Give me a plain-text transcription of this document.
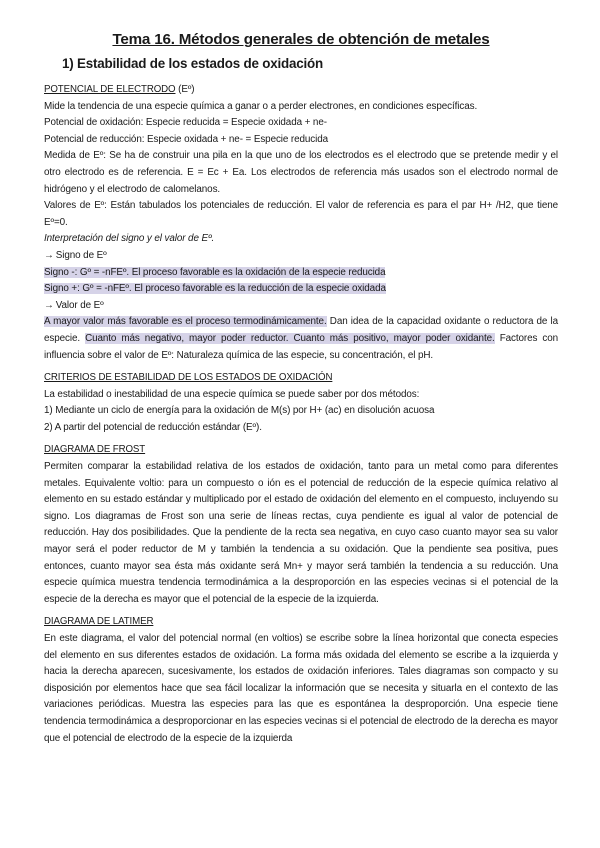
Tema 16. Métodos generales de obtención de metales
1) Estabilidad de los estados de oxidación
POTENCIAL DE ELECTRODO (Eº)

Mide la tendencia de una especie química a ganar o a perder electrones, en condiciones específicas.

Potencial de oxidación: Especie reducida = Especie oxidada + ne-

Potencial de reducción: Especie oxidada + ne- = Especie reducida

Medida de Eº: Se ha de construir una pila en la que uno de los electrodos es el electrodo que se pretende medir y el otro electrodo es de referencia. E = Ec + Ea. Los electrodos de referencia más usados son el electrodo normal de hidrógeno y el electrodo de calomelanos.

Valores de Eº: Están tabulados los potenciales de reducción. El valor de referencia es para el par H+ /H2, que tiene Eº=0.

Interpretación del signo y el valor de Eº.

→ Signo de Eº

Signo -: Gº = -nFEº. El proceso favorable es la oxidación de la especie reducida

Signo +: Gº = -nFEº. El proceso favorable es la reducción de la especie oxidada

→ Valor de Eº

A mayor valor más favorable es el proceso termodinámicamente. Dan idea de la capacidad oxidante o reductora de la especie. Cuanto más negativo, mayor poder reductor. Cuanto más positivo, mayor poder oxidante. Factores con influencia sobre el valor de Eº: Naturaleza química de las especie, su concentración, el pH.

CRITERIOS DE ESTABILIDAD DE LOS ESTADOS DE OXIDACIÓN

La estabilidad o inestabilidad de una especie química se puede saber por dos métodos:

1) Mediante un ciclo de energía para la oxidación de M(s) por H+ (ac) en disolución acuosa

2) A partir del potencial de reducción estándar (Eº).

DIAGRAMA DE FROST

Permiten comparar la estabilidad relativa de los estados de oxidación, tanto para un metal como para diferentes metales. Equivalente voltio: para un compuesto o ión es el potencial de reducción de la especie química relativo al elemento en su estado estándar y multiplicado por el estado de oxidación del elemento en el compuesto, incluyendo su signo. Los diagramas de Frost son una serie de líneas rectas, cuya pendiente es igual al valor de potencial de reducción. Hay dos posibilidades. Que la pendiente de la recta sea negativa, en cuyo caso cuanto mayor sea su valor mayor será el poder reductor de M y también la tendencia a su oxidación. Que la pendiente sea positiva, pues entonces, cuanto mayor sea ésta más oxidante será Mn+ y mayor será también la tendencia a su reducción. Una especie química muestra tendencia termodinámica a la desproporción en las especies vecinas si el potencial de la especie de la derecha es mayor que el potencial de la especie de la izquierda.

DIAGRAMA DE LATIMER

En este diagrama, el valor del potencial normal (en voltios) se escribe sobre la línea horizontal que conecta especies del elemento en sus diferentes estados de oxidación. La forma más oxidada del elemento se escribe a la izquierda y hacia la derecha aparecen, sucesivamente, los estados de oxidación inferiores. Tales diagramas son compacto y su disposición por elementos hace que sea fácil localizar la información que se necesita y situarla en el contexto de las variaciones periódicas. Muestra las especies para las que es espontánea la desproporción. Una especie tiene tendencia termodinámica a desproporcionar en las especies vecinas si el potencial de electrodo de la derecha es mayor que el potencial de electrodo de la especie de la izquierda
